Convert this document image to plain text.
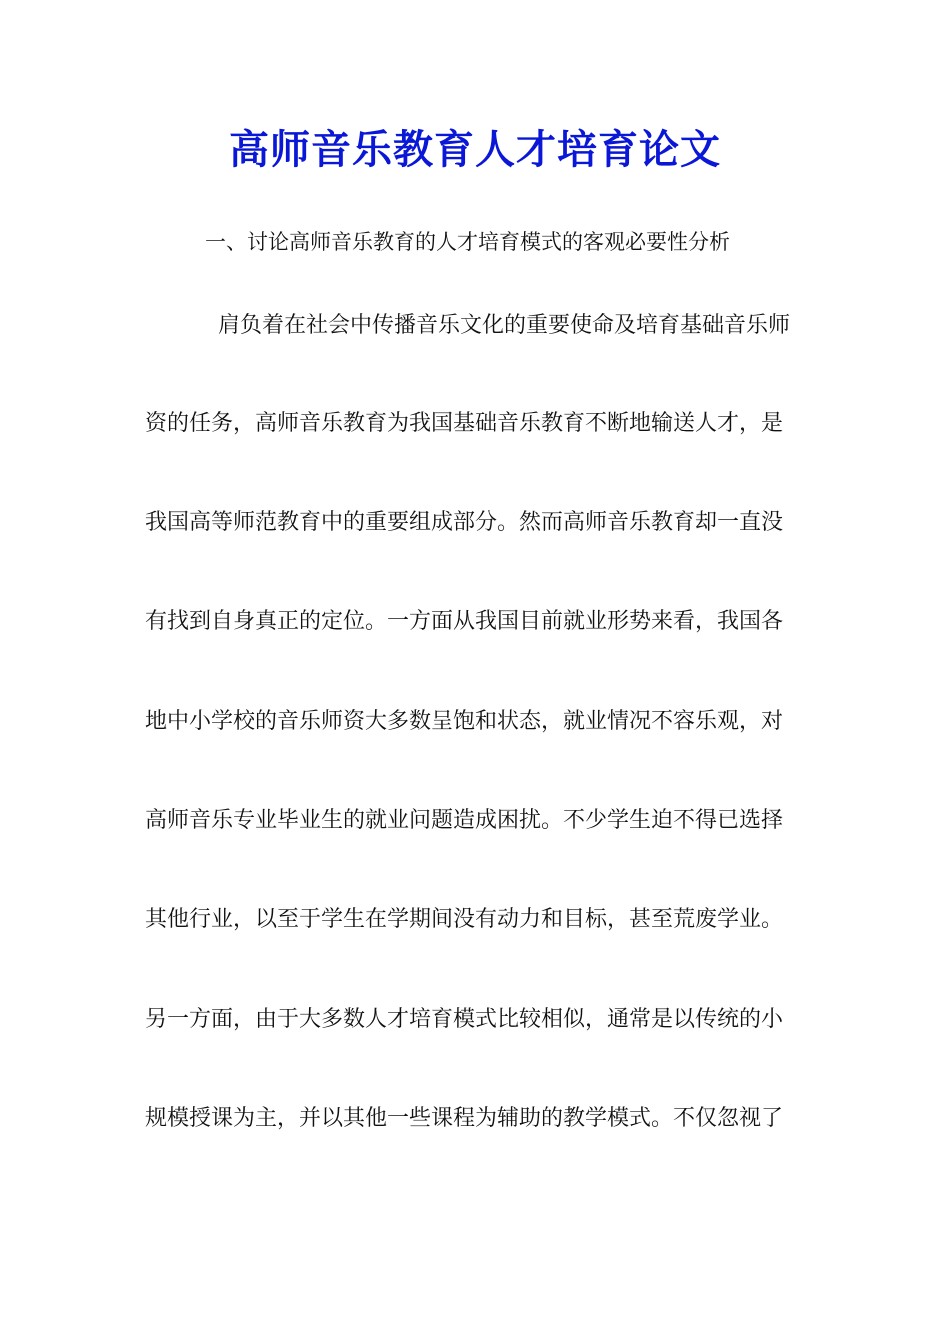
高师音乐教育人才培育论文

一、讨论高师音乐教育的人才培育模式的客观必要性分析

肩负着在社会中传播音乐文化的重要使命及培育基础音乐师

资的任务，高师音乐教育为我国基础音乐教育不断地输送人才，是

我国高等师范教育中的重要组成部分。然而高师音乐教育却一直没

有找到自身真正的定位。一方面从我国目前就业形势来看，我国各

地中小学校的音乐师资大多数呈饱和状态，就业情况不容乐观，对

高师音乐专业毕业生的就业问题造成困扰。不少学生迫不得已选择

其他行业，以至于学生在学期间没有动力和目标，甚至荒废学业。

另一方面，由于大多数人才培育模式比较相似，通常是以传统的小

规模授课为主，并以其他一些课程为辅助的教学模式。不仅忽视了
